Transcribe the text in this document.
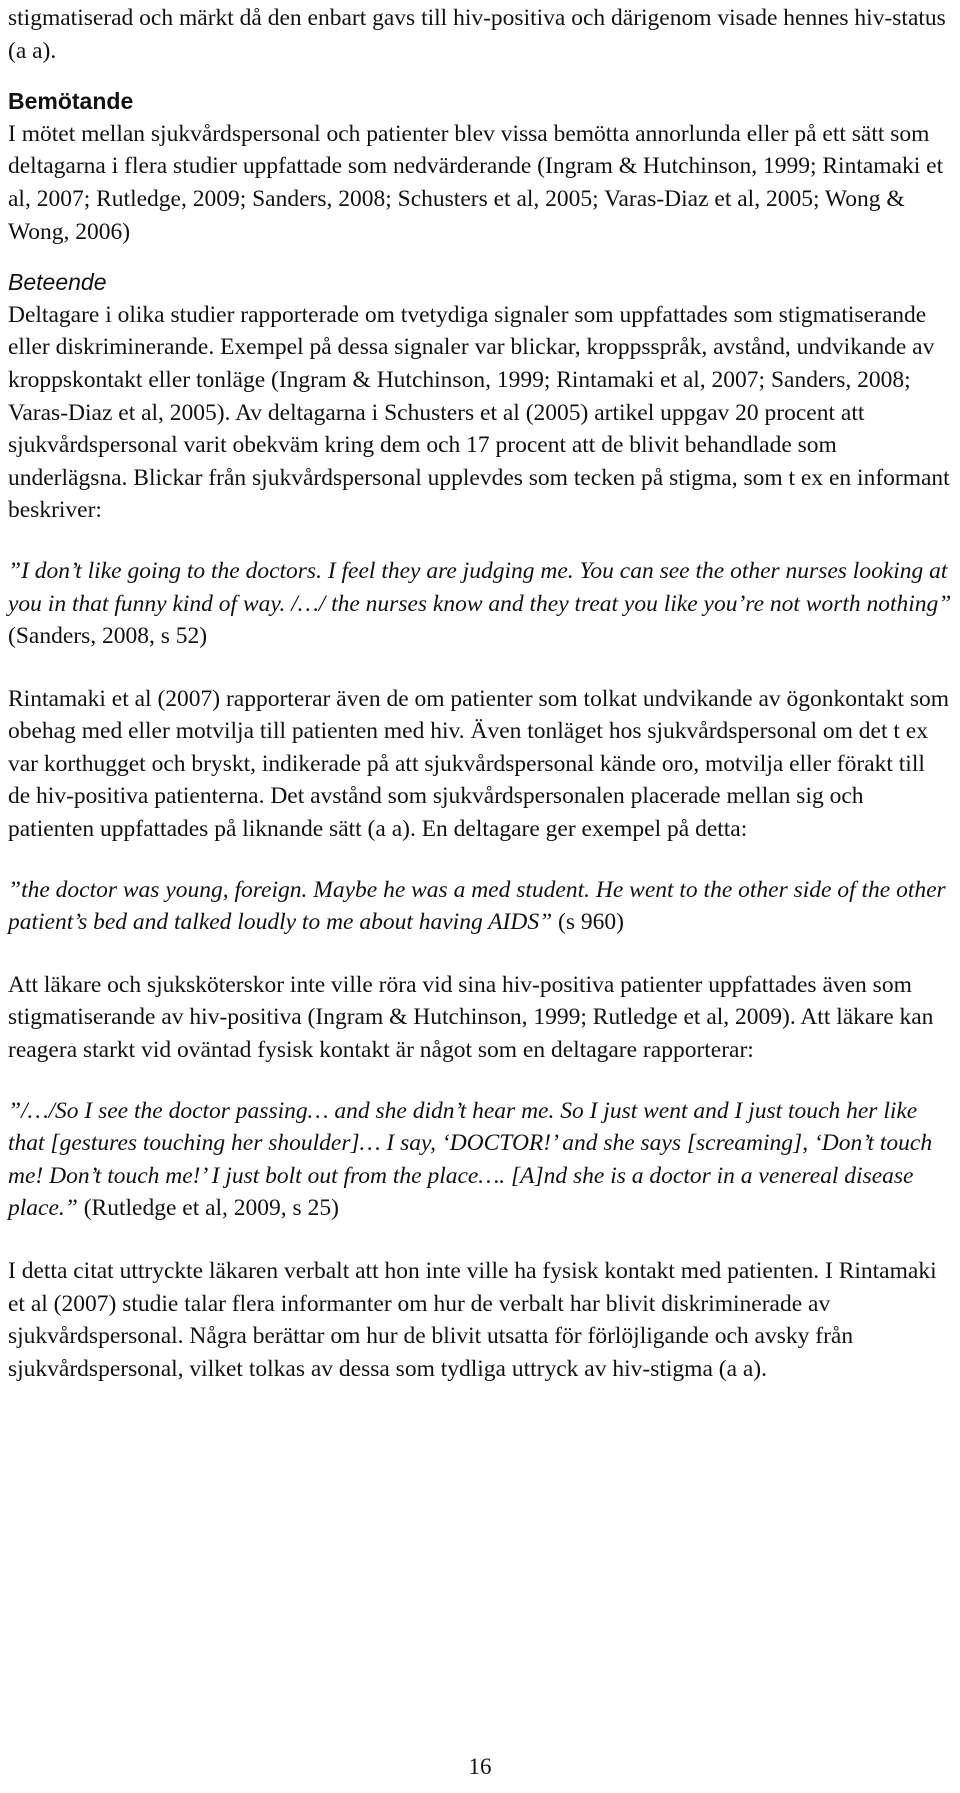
stigmatiserad och märkt då den enbart gavs till hiv-positiva och därigenom visade hennes hiv-status (a a).

Bemötande

I mötet mellan sjukvårdspersonal och patienter blev vissa bemötta annorlunda eller på ett sätt som deltagarna i flera studier uppfattade som nedvärderande (Ingram & Hutchinson, 1999; Rintamaki et al, 2007; Rutledge, 2009; Sanders, 2008; Schusters et al, 2005; Varas-Diaz et al, 2005; Wong & Wong, 2006)

Beteende

Deltagare i olika studier rapporterade om tvetydiga signaler som uppfattades som stigmatiserande eller diskriminerande. Exempel på dessa signaler var blickar, kroppsspråk, avstånd, undvikande av kroppskontakt eller tonläge (Ingram & Hutchinson, 1999; Rintamaki et al, 2007; Sanders, 2008; Varas-Diaz et al, 2005). Av deltagarna i Schusters et al (2005) artikel uppgav 20 procent att sjukvårdspersonal varit obekväm kring dem och 17 procent att de blivit behandlade som underlägsna. Blickar från sjukvårdspersonal upplevdes som tecken på stigma, som t ex en informant beskriver:

”I don’t like going to the doctors. I feel they are judging me. You can see the other nurses looking at you in that funny kind of way. /…/ the nurses know and they treat you like you’re not worth nothing” (Sanders, 2008, s 52)

Rintamaki et al (2007) rapporterar även de om patienter som tolkat undvikande av ögonkontakt som obehag med eller motvilja till patienten med hiv. Även tonläget hos sjukvårdspersonal om det t ex var korthugget och bryskt, indikerade på att sjukvårdspersonal kände oro, motvilja eller förakt till de hiv-positiva patienterna. Det avstånd som sjukvårdspersonalen placerade mellan sig och patienten uppfattades på liknande sätt (a a). En deltagare ger exempel på detta:

”the doctor was young, foreign. Maybe he was a med student. He went to the other side of the other patient’s bed and talked loudly to me about having AIDS” (s 960)

Att läkare och sjuksköterskor inte ville röra vid sina hiv-positiva patienter uppfattades även som stigmatiserande av hiv-positiva (Ingram & Hutchinson, 1999; Rutledge et al, 2009). Att läkare kan reagera starkt vid oväntad fysisk kontakt är något som en deltagare rapporterar:

”/…/So I see the doctor passing… and she didn’t hear me. So I just went and I just touch her like that [gestures touching her shoulder]… I say, ‘DOCTOR!’ and she says [screaming], ‘Don’t touch me! Don’t touch me!’ I just bolt out from the place…. [A]nd she is a doctor in a venereal disease place.” (Rutledge et al, 2009, s 25)

I detta citat uttryckte läkaren verbalt att hon inte ville ha fysisk kontakt med patienten. I Rintamaki et al (2007) studie talar flera informanter om hur de verbalt har blivit diskriminerade av sjukvårdspersonal. Några berättar om hur de blivit utsatta för förlöjligande och avsky från sjukvårdspersonal, vilket tolkas av dessa som tydliga uttryck av hiv-stigma (a a).

16
